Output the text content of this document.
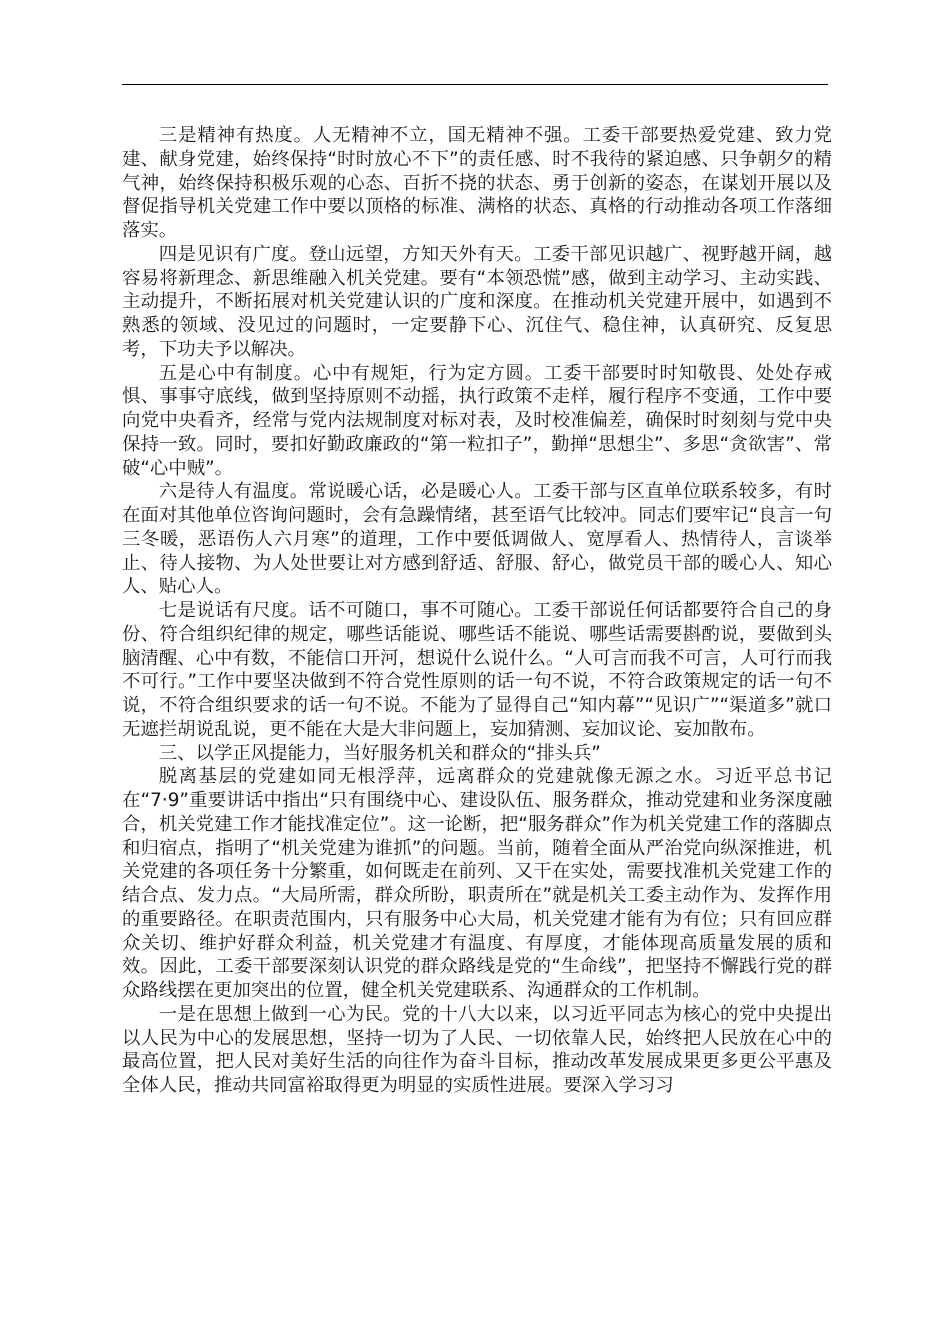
三是精神有热度。人无精神不立，国无精神不强。工委干部要热爱党建、致力党建、献身党建，始终保持“时时放心不下”的责任感、时不我待的紧迫感、只争朝夕的精气神，始终保持积极乐观的心态、百折不挠的状态、勇于创新的姿态，在谋划开展以及督促指导机关党建工作中要以顶格的标准、满格的状态、真格的行动推动各项工作落细落实。

四是见识有广度。登山远望，方知天外有天。工委干部见识越广、视野越开阔，越容易将新理念、新思维融入机关党建。要有“本领恐慌”感，做到主动学习、主动实践、主动提升，不断拓展对机关党建认识的广度和深度。在推动机关党建开展中，如遇到不熟悉的领域、没见过的问题时，一定要静下心、沉住气、稳住神，认真研究、反复思考，下功夫予以解决。

五是心中有制度。心中有规矩，行为定方圆。工委干部要时时知敬畏、处处存戒惧、事事守底线，做到坚持原则不动摇，执行政策不走样，履行程序不变通，工作中要向党中央看齐，经常与党内法规制度对标对表，及时校准偏差，确保时时刻刻与党中央保持一致。同时，要扣好勤政廉政的“第一粒扣子”，勤掸“思想尘”、多思“贪欲害”、常破“心中贼”。

六是待人有温度。常说暖心话，必是暖心人。工委干部与区直单位联系较多，有时在面对其他单位咨询问题时，会有急躁情绪，甚至语气比较冲。同志们要牢记“良言一句三冬暖，恶语伤人六月寒”的道理，工作中要低调做人、宽厚看人、热情待人，言谈举止、待人接物、为人处世要让对方感到舒适、舒服、舒心，做党员干部的暖心人、知心人、贴心人。

七是说话有尺度。话不可随口，事不可随心。工委干部说任何话都要符合自己的身份、符合组织纪律的规定，哪些话能说、哪些话不能说、哪些话需要斟酌说，要做到头脑清醒、心中有数，不能信口开河，想说什么说什么。“人可言而我不可言，人可行而我不可行。”工作中要坚决做到不符合党性原则的话一句不说，不符合政策规定的话一句不说，不符合组织要求的话一句不说。不能为了显得自己“知内幕”“见识广”“渠道多”就口无遮拦胡说乱说，更不能在大是大非问题上，妄加猜测、妄加议论、妄加散布。

三、以学正风提能力，当好服务机关和群众的“排头兵”

脱离基层的党建如同无根浮萍，远离群众的党建就像无源之水。习近平总书记在“7·9”重要讲话中指出“只有围绕中心、建设队伍、服务群众，推动党建和业务深度融合，机关党建工作才能找准定位”。这一论断，把“服务群众”作为机关党建工作的落脚点和归宿点，指明了“机关党建为谁抓”的问题。当前，随着全面从严治党向纵深推进，机关党建的各项任务十分繁重，如何既走在前列、又干在实处，需要找准机关党建工作的结合点、发力点。“大局所需，群众所盼，职责所在”就是机关工委主动作为、发挥作用的重要路径。在职责范围内，只有服务中心大局，机关党建才能有为有位；只有回应群众关切、维护好群众利益，机关党建才有温度、有厚度，才能体现高质量发展的质和效。因此，工委干部要深刻认识党的群众路线是党的“生命线”，把坚持不懈践行党的群众路线摆在更加突出的位置，健全机关党建联系、沟通群众的工作机制。

一是在思想上做到一心为民。党的十八大以来，以习近平同志为核心的党中央提出以人民为中心的发展思想，坚持一切为了人民、一切依靠人民，始终把人民放在心中的最高位置，把人民对美好生活的向往作为奋斗目标，推动改革发展成果更多更公平惠及全体人民，推动共同富裕取得更为明显的实质性进展。要深入学习习
